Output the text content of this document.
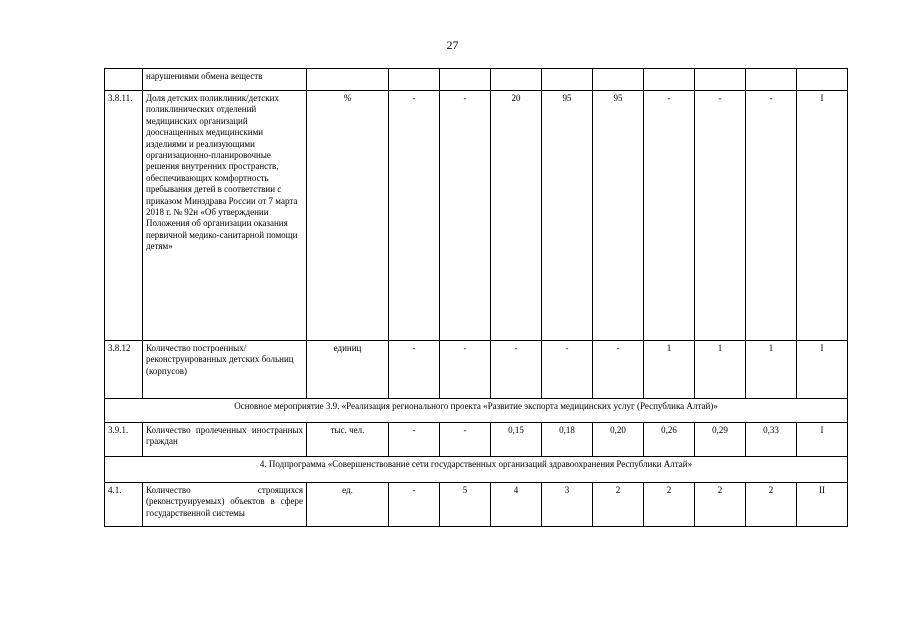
27
	нарушениями обмена веществ										
3.8.11.	Доля детских поликлиник/детских поликлинических отделений медицинских организаций дооснащенных медицинскими изделиями и реализующими организационно-планировочные решения внутренних пространств, обеспечивающих комфортность пребывания детей в соответствии с приказом Минздрава России от 7 марта 2018 г. № 92н «Об утверждении Положения об организации оказания первичной медико-санитарной помощи детям»	%	-	-	20	95	95	-	-	-	I
3.8.12	Количество построенных/реконструированных детских больниц (корпусов)	единиц	-	-	-	-	-	1	1	1	I
Основное мероприятие 3.9. «Реализация регионального проекта «Развитие экспорта медицинских услуг (Республика Алтай)»											
3.9.1.	Количество пролеченных иностранных граждан	тыс. чел.	-	-	0,15	0,18	0,20	0,26	0,29	0,33	I
4. Подпрограмма «Совершенствование сети государственных организаций здравоохранения Республики Алтай»											
4.1.	Количество строящихся (реконструируемых) объектов в сфере государственной системы	ед.	-	5	4	3	2	2	2	2	II
